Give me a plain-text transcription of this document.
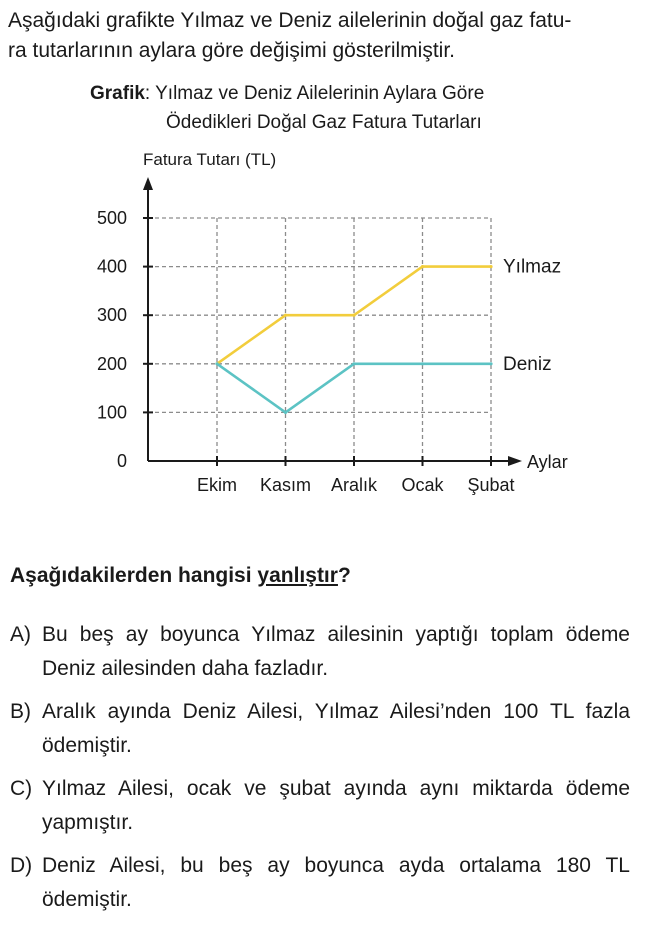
Aşağıdaki grafikte Yılmaz ve Deniz ailelerinin doğal gaz fatu-
ra tutarlarının aylara göre değişimi gösterilmiştir.
Grafik: Yılmaz ve Deniz Ailelerinin Aylara Göre
Ödedikleri Doğal Gaz Fatura Tutarları
Fatura Tutarı (TL)
Aylar
0
100
200
300
400
500
Ekim Kasım Aralık Ocak Şubat
Yılmaz
Deniz
Aşağıdakilerden hangisi yanlıştır?
A) Bu beş ay boyunca Yılmaz ailesinin yaptığı toplam ödeme Deniz ailesinden daha fazladır.
B) Aralık ayında Deniz Ailesi, Yılmaz Ailesi’nden 100 TL fazla ödemiştir.
C) Yılmaz Ailesi, ocak ve şubat ayında aynı miktarda ödeme yapmıştır.
D) Deniz Ailesi, bu beş ay boyunca ayda ortalama 180 TL ödemiştir.
